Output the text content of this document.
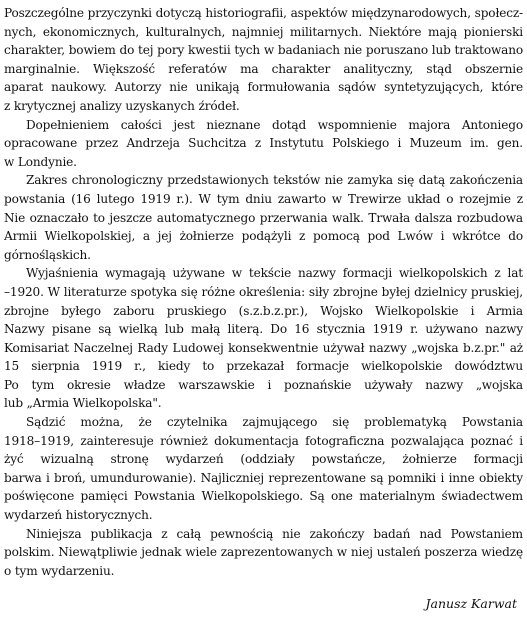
Poszczególne przyczynki dotyczą historiografii, aspektów międzynarodowych, społecz-
nych, ekonomicznych, kulturalnych, najmniej militarnych. Niektóre mają pionierski
charakter, bowiem do tej pory kwestii tych w badaniach nie poruszano lub traktowano
marginalnie. Większość referatów ma charakter analityczny, stąd obszernie
aparat naukowy. Autorzy nie unikają formułowania sądów syntetyzujących, które
z krytycznej analizy uzyskanych źródeł.
Dopełnieniem całości jest nieznane dotąd wspomnienie majora Antoniego
opracowane przez Andrzeja Suchcitza z Instytutu Polskiego i Muzeum im. gen.
w Londynie.
Zakres chronologiczny przedstawionych tekstów nie zamyka się datą zakończenia
powstania (16 lutego 1919 r.). W tym dniu zawarto w Trewirze układ o rozejmie z
Nie oznaczało to jeszcze automatycznego przerwania walk. Trwała dalsza rozbudowa
Armii Wielkopolskiej, a jej żołnierze podążyli z pomocą pod Lwów i wkrótce do
górnośląskich.
Wyjaśnienia wymagają używane w tekście nazwy formacji wielkopolskich z lat
–1920. W literaturze spotyka się różne określenia: siły zbrojne byłej dzielnicy pruskiej,
zbrojne byłego zaboru pruskiego (s.z.b.z.pr.), Wojsko Wielkopolskie i Armia
Nazwy pisane są wielką lub małą literą. Do 16 stycznia 1919 r. używano nazwy
Komisariat Naczelnej Rady Ludowej konsekwentnie używał nazwy „wojska b.z.pr." aż
15 sierpnia 1919 r., kiedy to przekazał formacje wielkopolskie dowództwu
Po tym okresie władze warszawskie i poznańskie używały nazwy „wojska
lub „Armia Wielkopolska".
Sądzić można, że czytelnika zajmującego się problematyką Powstania
1918–1919, zainteresuje również dokumentacja fotograficzna pozwalająca poznać i
żyć wizualną stronę wydarzeń (oddziały powstańcze, żołnierze formacji
barwa i broń, umundurowanie). Najliczniej reprezentowane są pomniki i inne obiekty
poświęcone pamięci Powstania Wielkopolskiego. Są one materialnym świadectwem
wydarzeń historycznych.
Niniejsza publikacja z całą pewnością nie zakończy badań nad Powstaniem
polskim. Niewątpliwie jednak wiele zaprezentowanych w niej ustaleń poszerza wiedzę
o tym wydarzeniu.
Janusz Karwat
